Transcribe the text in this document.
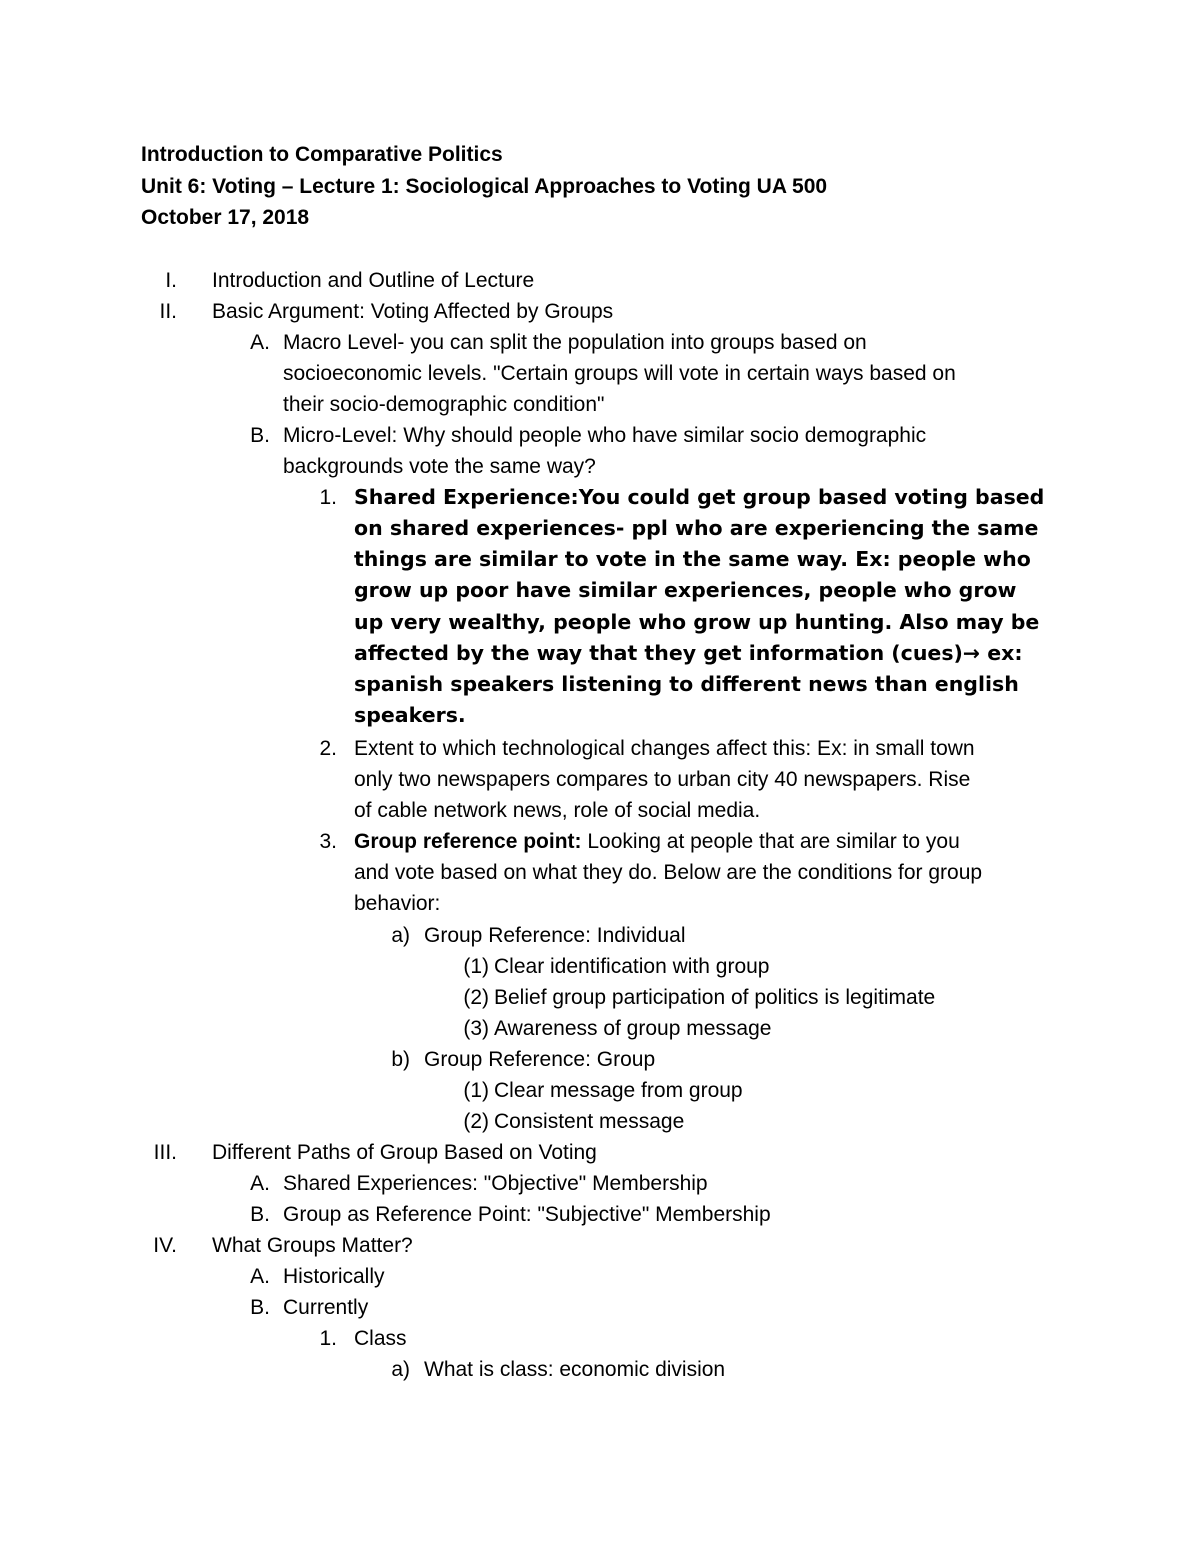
Introduction to Comparative Politics
Unit 6: Voting – Lecture 1: Sociological Approaches to Voting UA 500
October 17, 2018
I. Introduction and Outline of Lecture
II. Basic Argument: Voting Affected by Groups
A. Macro Level- you can split the population into groups based on
socioeconomic levels. "Certain groups will vote in certain ways based on
their socio-demographic condition"
B. Micro-Level: Why should people who have similar socio demographic
backgrounds vote the same way?
1. Shared Experience:You could get group based voting based
on shared experiences- ppl who are experiencing the same
things are similar to vote in the same way. Ex: people who
grow up poor have similar experiences, people who grow
up very wealthy, people who grow up hunting. Also may be
affected by the way that they get information (cues)→ ex:
spanish speakers listening to different news than english
speakers.
2. Extent to which technological changes affect this: Ex: in small town
only two newspapers compares to urban city 40 newspapers. Rise
of cable network news, role of social media.
3. Group reference point: Looking at people that are similar to you
and vote based on what they do. Below are the conditions for group
behavior:
a) Group Reference: Individual
(1) Clear identification with group
(2) Belief group participation of politics is legitimate
(3) Awareness of group message
b) Group Reference: Group
(1) Clear message from group
(2) Consistent message
III. Different Paths of Group Based on Voting
A. Shared Experiences: "Objective" Membership
B. Group as Reference Point: "Subjective" Membership
IV. What Groups Matter?
A. Historically
B. Currently
1. Class
a) What is class: economic division
